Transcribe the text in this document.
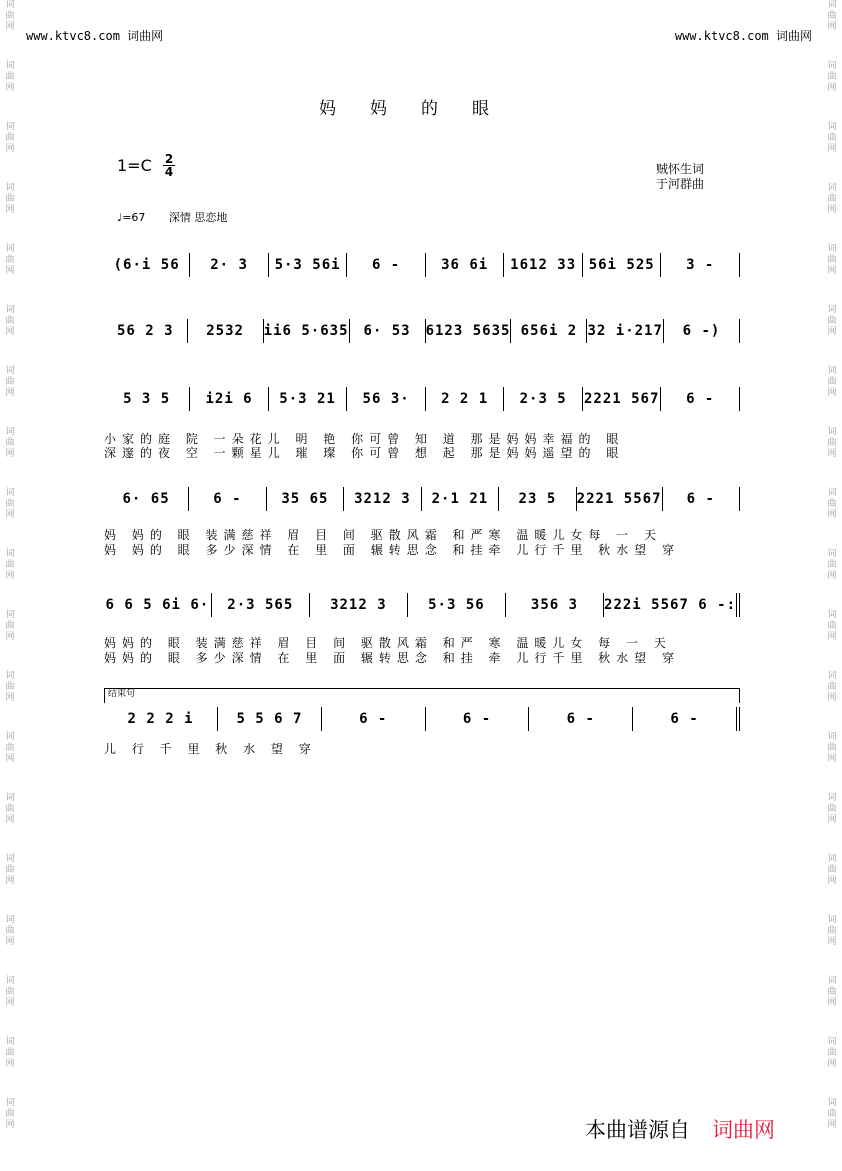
词
曲
网
词
曲
网
词
曲
网
词
曲
网
词
曲
网
词
曲
网
词
曲
网
词
曲
网
词
曲
网
词
曲
网
词
曲
网
词
曲
网
词
曲
网
词
曲
网
词
曲
网
词
曲
网
词
曲
网
词
曲
网
词
曲
网
词
曲
网
词
曲
网
词
曲
网
词
曲
网
词
曲
网
词
曲
网
词
曲
网
词
曲
网
词
曲
网
词
曲
网
词
曲
网
词
曲
网
词
曲
网
词
曲
网
词
曲
网
词
曲
网
词
曲
网
词
曲
网
词
曲
网
www.ktvc8.com 词曲网	www.ktvc8.com 词曲网
妈妈的眼
$1=C \frac{2}{4}$	贼怀生词
于河群曲
♩=67 深情 思恋地
(6·i 56	2· 3	5·3 56i	6 -	36 6i	1612 33 56i 525	3 -
56 2 3	2532	ii6 5·635	6· 53	6123 5635 656i 2 32 i·217	6 -)
5 3 5	i2i 6	5·3 21	56 3·	2 2 1	2·3 5	2221 567	6 -
小家的庭 院 一朵花儿 明 艳 你可曾 知 道 那是妈妈幸福的 眼
深邃的夜 空 一颗星儿 璀 璨 你可曾 想 起 那是妈妈遥望的 眼
6· 65	6 -	35 65	3212 3	2·1 21	23 5	2221 5567	6 -
妈 妈的 眼 装满慈祥 眉 目 间 驱散风霜 和严寒 温暖儿女每 一 天
妈 妈的 眼 多少深情 在 里 面 辗转思念 和挂牵 儿行千里 秋水望 穿
6 6 5 6i 6·	2·3 565	3212 3	5·3 56	356 3	222i 5567 6 -:
妈妈的 眼 装满慈祥 眉 目 间 驱散风霜 和严 寒 温暖儿女 每 一 天
妈妈的 眼 多少深情 在 里 面 辗转思念 和挂 牵 儿行千里 秋水望 穿
结束句
2 2 2 i	5 5 6 7	6 -	6 -	6 -	6 -
儿 行 千 里 秋 水 望 穿
本曲谱源自 词曲网
